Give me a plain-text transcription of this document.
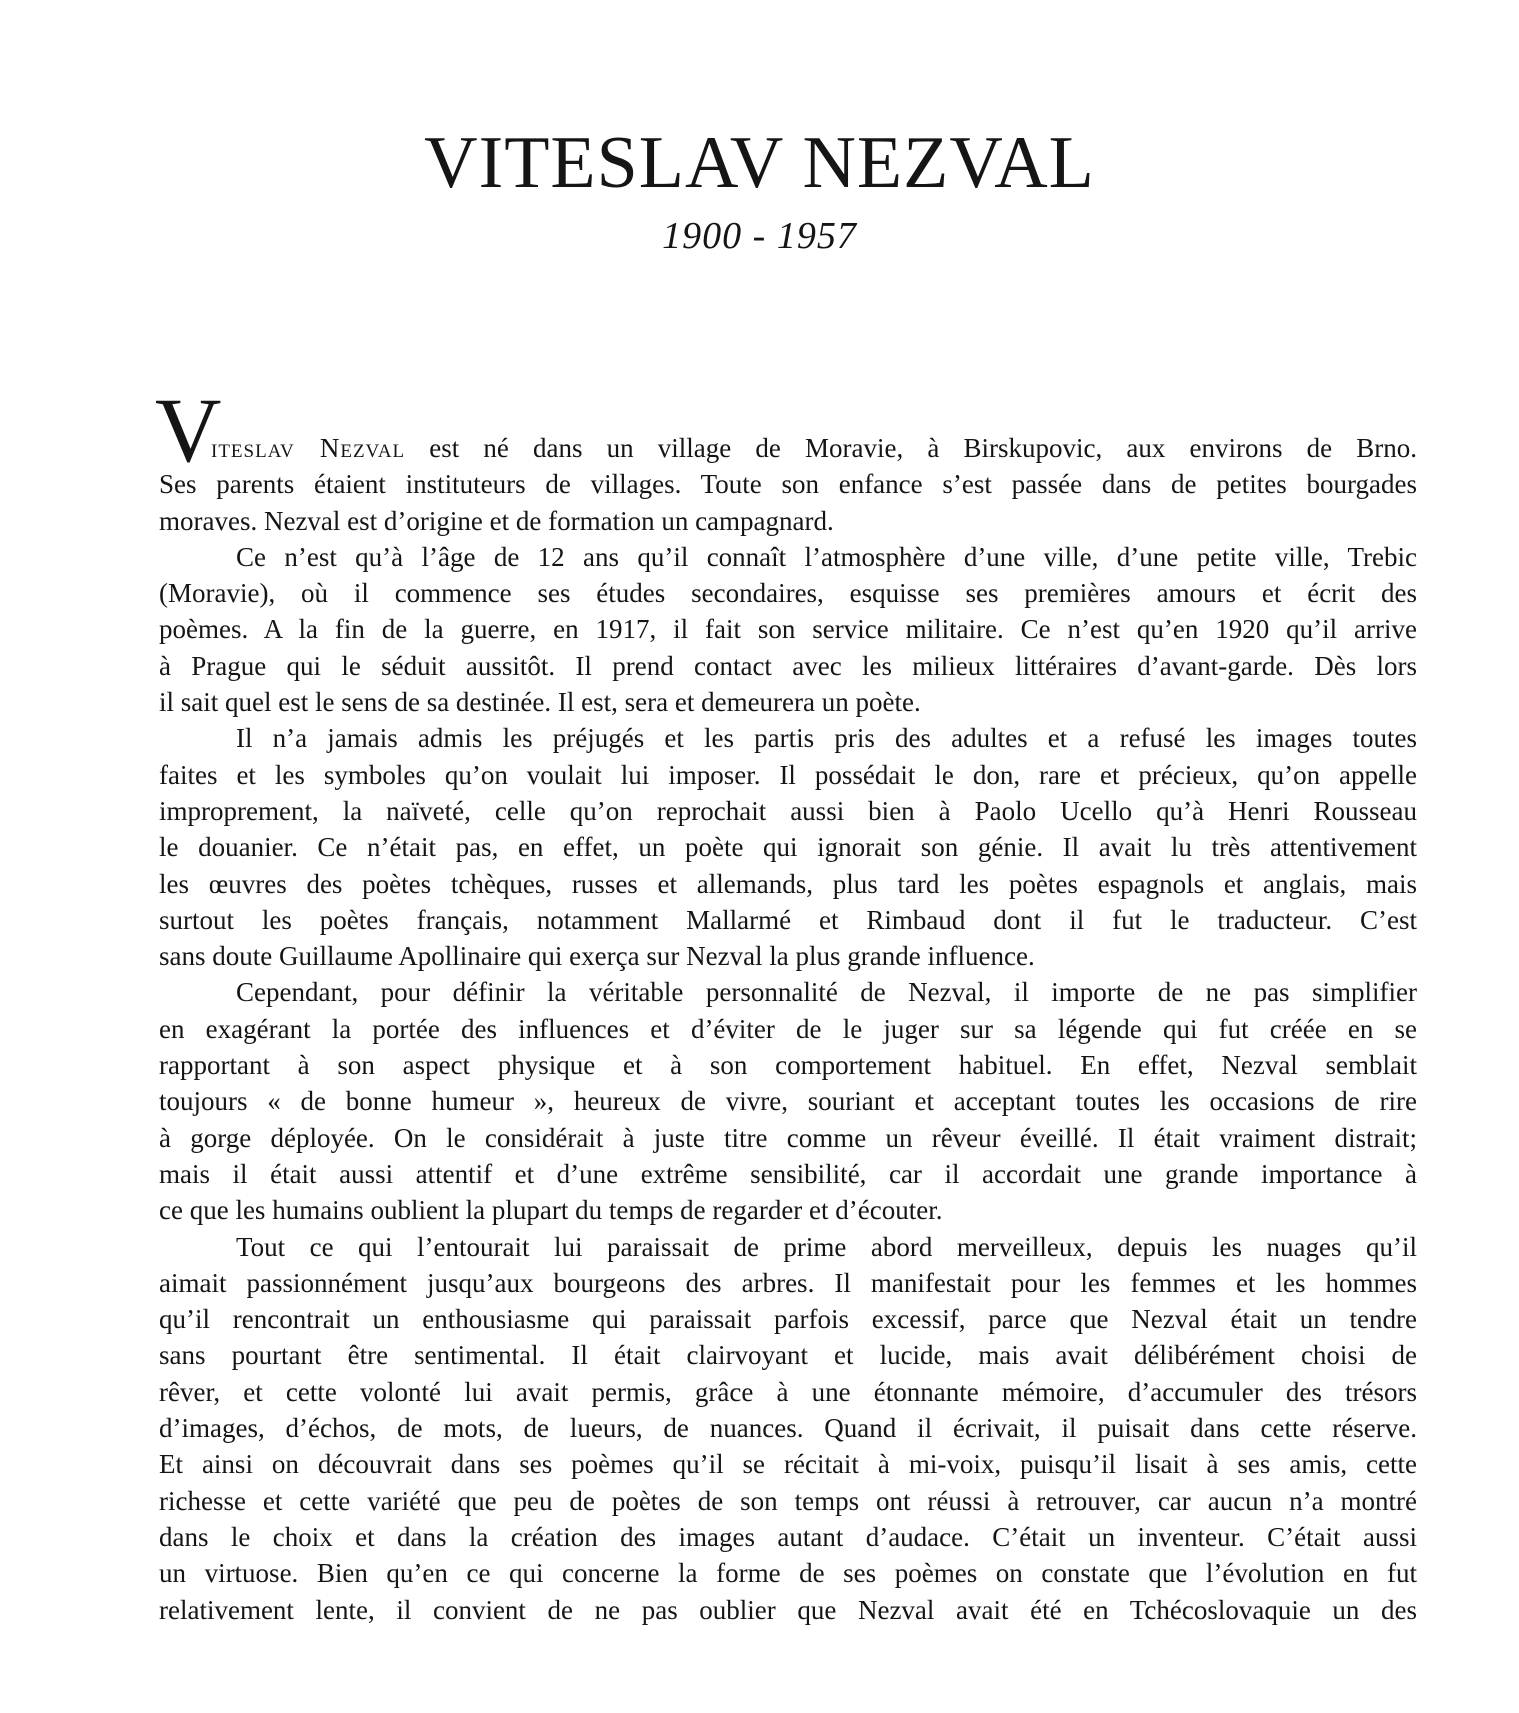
VITESLAV NEZVAL

1900 - 1957

V
iteslav Nezval est né dans un village de Moravie, à Birskupovic, aux environs de Brno.
Ses parents étaient instituteurs de villages. Toute son enfance s’est passée dans de petites bourgades
moraves. Nezval est d’origine et de formation un campagnard.
Ce n’est qu’à l’âge de 12 ans qu’il connaît l’atmosphère d’une ville, d’une petite ville, Trebic
(Moravie), où il commence ses études secondaires, esquisse ses premières amours et écrit des
poèmes. A la fin de la guerre, en 1917, il fait son service militaire. Ce n’est qu’en 1920 qu’il arrive
à Prague qui le séduit aussitôt. Il prend contact avec les milieux littéraires d’avant-garde. Dès lors
il sait quel est le sens de sa destinée. Il est, sera et demeurera un poète.
Il n’a jamais admis les préjugés et les partis pris des adultes et a refusé les images toutes
faites et les symboles qu’on voulait lui imposer. Il possédait le don, rare et précieux, qu’on appelle
improprement, la naïveté, celle qu’on reprochait aussi bien à Paolo Ucello qu’à Henri Rousseau
le douanier. Ce n’était pas, en effet, un poète qui ignorait son génie. Il avait lu très attentivement
les œuvres des poètes tchèques, russes et allemands, plus tard les poètes espagnols et anglais, mais
surtout les poètes français, notamment Mallarmé et Rimbaud dont il fut le traducteur. C’est
sans doute Guillaume Apollinaire qui exerça sur Nezval la plus grande influence.
Cependant, pour définir la véritable personnalité de Nezval, il importe de ne pas simplifier
en exagérant la portée des influences et d’éviter de le juger sur sa légende qui fut créée en se
rapportant à son aspect physique et à son comportement habituel. En effet, Nezval semblait
toujours « de bonne humeur », heureux de vivre, souriant et acceptant toutes les occasions de rire
à gorge déployée. On le considérait à juste titre comme un rêveur éveillé. Il était vraiment distrait;
mais il était aussi attentif et d’une extrême sensibilité, car il accordait une grande importance à
ce que les humains oublient la plupart du temps de regarder et d’écouter.
Tout ce qui l’entourait lui paraissait de prime abord merveilleux, depuis les nuages qu’il
aimait passionnément jusqu’aux bourgeons des arbres. Il manifestait pour les femmes et les hommes
qu’il rencontrait un enthousiasme qui paraissait parfois excessif, parce que Nezval était un tendre
sans pourtant être sentimental. Il était clairvoyant et lucide, mais avait délibérément choisi de
rêver, et cette volonté lui avait permis, grâce à une étonnante mémoire, d’accumuler des trésors
d’images, d’échos, de mots, de lueurs, de nuances. Quand il écrivait, il puisait dans cette réserve.
Et ainsi on découvrait dans ses poèmes qu’il se récitait à mi-voix, puisqu’il lisait à ses amis, cette
richesse et cette variété que peu de poètes de son temps ont réussi à retrouver, car aucun n’a montré
dans le choix et dans la création des images autant d’audace. C’était un inventeur. C’était aussi
un virtuose. Bien qu’en ce qui concerne la forme de ses poèmes on constate que l’évolution en fut
relativement lente, il convient de ne pas oublier que Nezval avait été en Tchécoslovaquie un des
